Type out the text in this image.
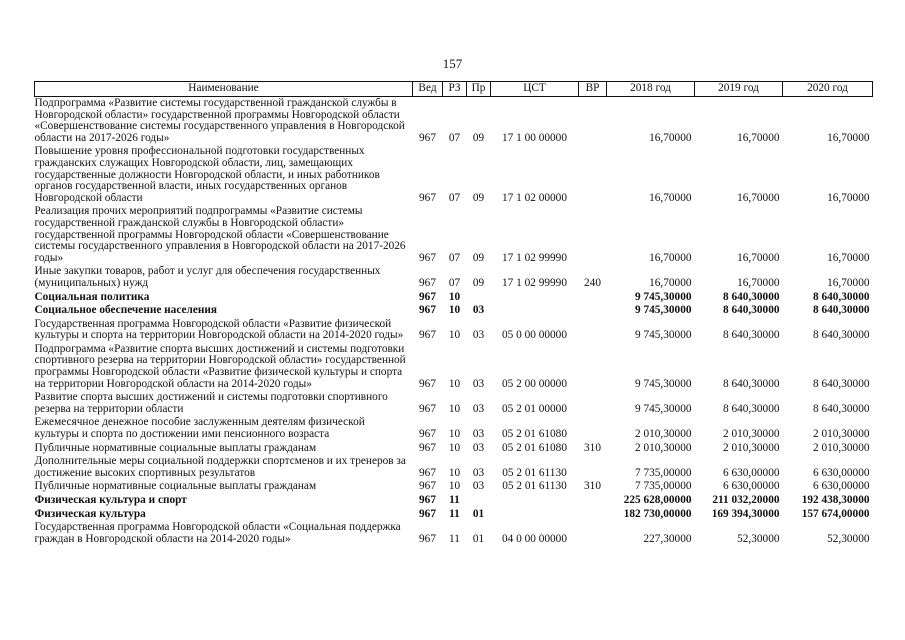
157
Наименование	Вед	РЗ	Пр	ЦСТ	ВР	2018 год	2019 год	2020 год
Подпрограмма «Развитие системы государственной гражданской службы в Новгородской области» государственной программы Новгородской области «Совершенствование системы государственного управления в Новгородской области на 2017-2026 годы»	967	07	09	17 1 00 00000		16,70000	16,70000	16,70000
Повышение уровня профессиональной подготовки государственных гражданских служащих Новгородской области, лиц, замещающих государственные должности Новгородской области, и иных работников органов государственной власти, иных государственных органов Новгородской области	967	07	09	17 1 02 00000		16,70000	16,70000	16,70000
Реализация прочих мероприятий подпрограммы «Развитие системы государственной гражданской службы в Новгородской области» государственной программы Новгородской области «Совершенствование системы государственного управления в Новгородской области на 2017-2026 годы»	967	07	09	17 1 02 99990		16,70000	16,70000	16,70000
Иные закупки товаров, работ и услуг для обеспечения государственных (муниципальных) нужд	967	07	09	17 1 02 99990	240	16,70000	16,70000	16,70000
Социальная политика	967	10				9 745,30000	8 640,30000	8 640,30000
Социальное обеспечение населения	967	10	03			9 745,30000	8 640,30000	8 640,30000
Государственная программа Новгородской области «Развитие физической культуры и спорта на территории Новгородской области на 2014-2020 годы»	967	10	03	05 0 00 00000		9 745,30000	8 640,30000	8 640,30000
Подпрограмма «Развитие спорта высших достижений и системы подготовки спортивного резерва на территории Новгородской области» государственной программы Новгородской области «Развитие физической культуры и спорта на территории Новгородской области на 2014-2020 годы»	967	10	03	05 2 00 00000		9 745,30000	8 640,30000	8 640,30000
Развитие спорта высших достижений и системы подготовки спортивного резерва на территории области	967	10	03	05 2 01 00000		9 745,30000	8 640,30000	8 640,30000
Ежемесячное денежное пособие заслуженным деятелям физической культуры и спорта по достижении ими пенсионного возраста	967	10	03	05 2 01 61080		2 010,30000	2 010,30000	2 010,30000
Публичные нормативные социальные выплаты гражданам	967	10	03	05 2 01 61080	310	2 010,30000	2 010,30000	2 010,30000
Дополнительные меры социальной поддержки спортсменов и их тренеров за достижение высоких спортивных результатов	967	10	03	05 2 01 61130		7 735,00000	6 630,00000	6 630,00000
Публичные нормативные социальные выплаты гражданам	967	10	03	05 2 01 61130	310	7 735,00000	6 630,00000	6 630,00000
Физическая культура и спорт	967	11				225 628,00000	211 032,20000	192 438,30000
Физическая культура	967	11	01			182 730,00000	169 394,30000	157 674,00000
Государственная программа Новгородской области «Социальная поддержка граждан в Новгородской области на 2014-2020 годы»	967	11	01	04 0 00 00000		227,30000	52,30000	52,30000
